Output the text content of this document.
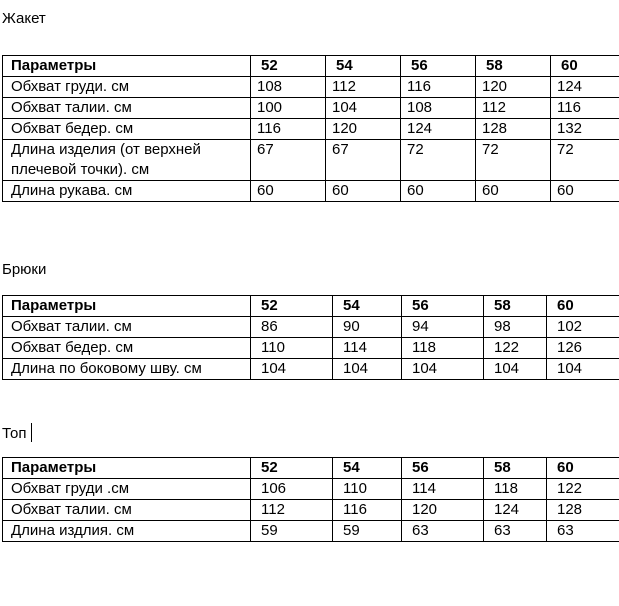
Жакет
Параметры	52	54	56	58	60
Обхват груди. см	108	112	116	120	124
Обхват талии. см	100	104	108	112	116
Обхват бедер. см	116	120	124	128	132
Длина изделия (от верхней плечевой точки). см	67	67	72	72	72
Длина рукава. см	60	60	60	60	60
Брюки
Параметры	52	54	56	58	60
Обхват талии. см	86	90	94	98	102
Обхват бедер. см	110	114	118	122	126
Длина по боковому шву. см	104	104	104	104	104
Топ
Параметры	52	54	56	58	60
Обхват груди .см	106	110	114	118	122
Обхват талии. см	112	116	120	124	128
Длина издлия. см	59	59	63	63	63
